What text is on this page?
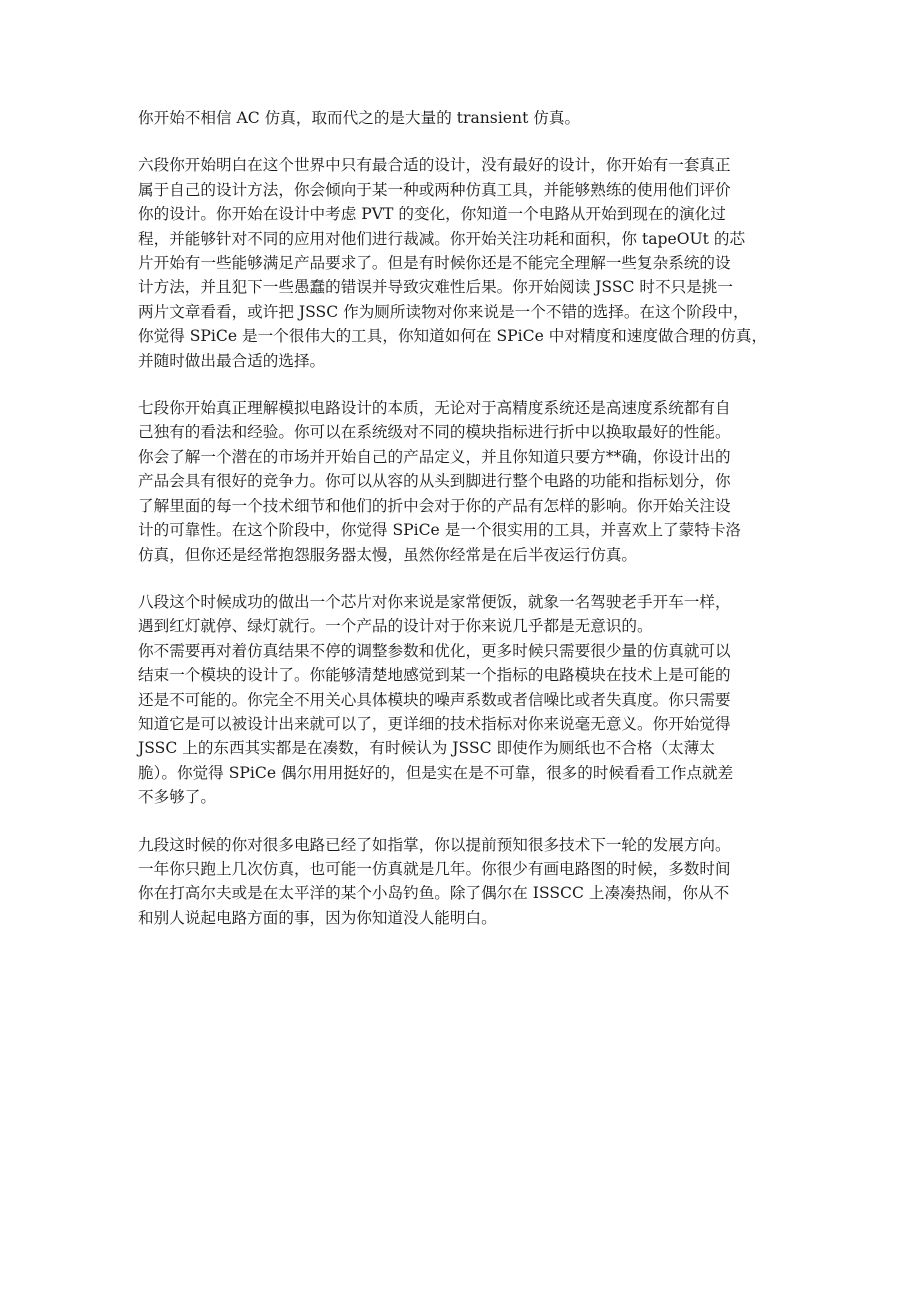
你开始不相信 AC 仿真，取而代之的是大量的 transient 仿真。

六段你开始明白在这个世界中只有最合适的设计，没有最好的设计，你开始有一套真正
属于自己的设计方法，你会倾向于某一种或两种仿真工具，并能够熟练的使用他们评价
你的设计。你开始在设计中考虑 PVT 的变化，你知道一个电路从开始到现在的演化过
程，并能够针对不同的应用对他们进行裁减。你开始关注功耗和面积，你 tapeOUt 的芯
片开始有一些能够满足产品要求了。但是有时候你还是不能完全理解一些复杂系统的设
计方法，并且犯下一些愚蠢的错误并导致灾难性后果。你开始阅读 JSSC 时不只是挑一
两片文章看看，或许把 JSSC 作为厕所读物对你来说是一个不错的选择。在这个阶段中，
你觉得 SPiCe 是一个很伟大的工具，你知道如何在 SPiCe 中对精度和速度做合理的仿真，
并随时做出最合适的选择。

七段你开始真正理解模拟电路设计的本质，无论对于高精度系统还是高速度系统都有自
己独有的看法和经验。你可以在系统级对不同的模块指标进行折中以换取最好的性能。
你会了解一个潜在的市场并开始自己的产品定义，并且你知道只要方**确，你设计出的
产品会具有很好的竞争力。你可以从容的从头到脚进行整个电路的功能和指标划分，你
了解里面的每一个技术细节和他们的折中会对于你的产品有怎样的影响。你开始关注设
计的可靠性。在这个阶段中，你觉得 SPiCe 是一个很实用的工具，并喜欢上了蒙特卡洛
仿真，但你还是经常抱怨服务器太慢，虽然你经常是在后半夜运行仿真。

八段这个时候成功的做出一个芯片对你来说是家常便饭，就象一名驾驶老手开车一样，
遇到红灯就停、绿灯就行。一个产品的设计对于你来说几乎都是无意识的。
你不需要再对着仿真结果不停的调整参数和优化，更多时候只需要很少量的仿真就可以
结束一个模块的设计了。你能够清楚地感觉到某一个指标的电路模块在技术上是可能的
还是不可能的。你完全不用关心具体模块的噪声系数或者信噪比或者失真度。你只需要
知道它是可以被设计出来就可以了，更详细的技术指标对你来说毫无意义。你开始觉得
JSSC 上的东西其实都是在凑数，有时候认为 JSSC 即使作为厕纸也不合格（太薄太
脆）。你觉得 SPiCe 偶尔用用挺好的，但是实在是不可靠，很多的时候看看工作点就差
不多够了。

九段这时候的你对很多电路已经了如指掌，你以提前预知很多技术下一轮的发展方向。
一年你只跑上几次仿真，也可能一仿真就是几年。你很少有画电路图的时候，多数时间
你在打高尔夫或是在太平洋的某个小岛钓鱼。除了偶尔在 ISSCC 上凑凑热闹，你从不
和别人说起电路方面的事，因为你知道没人能明白。
